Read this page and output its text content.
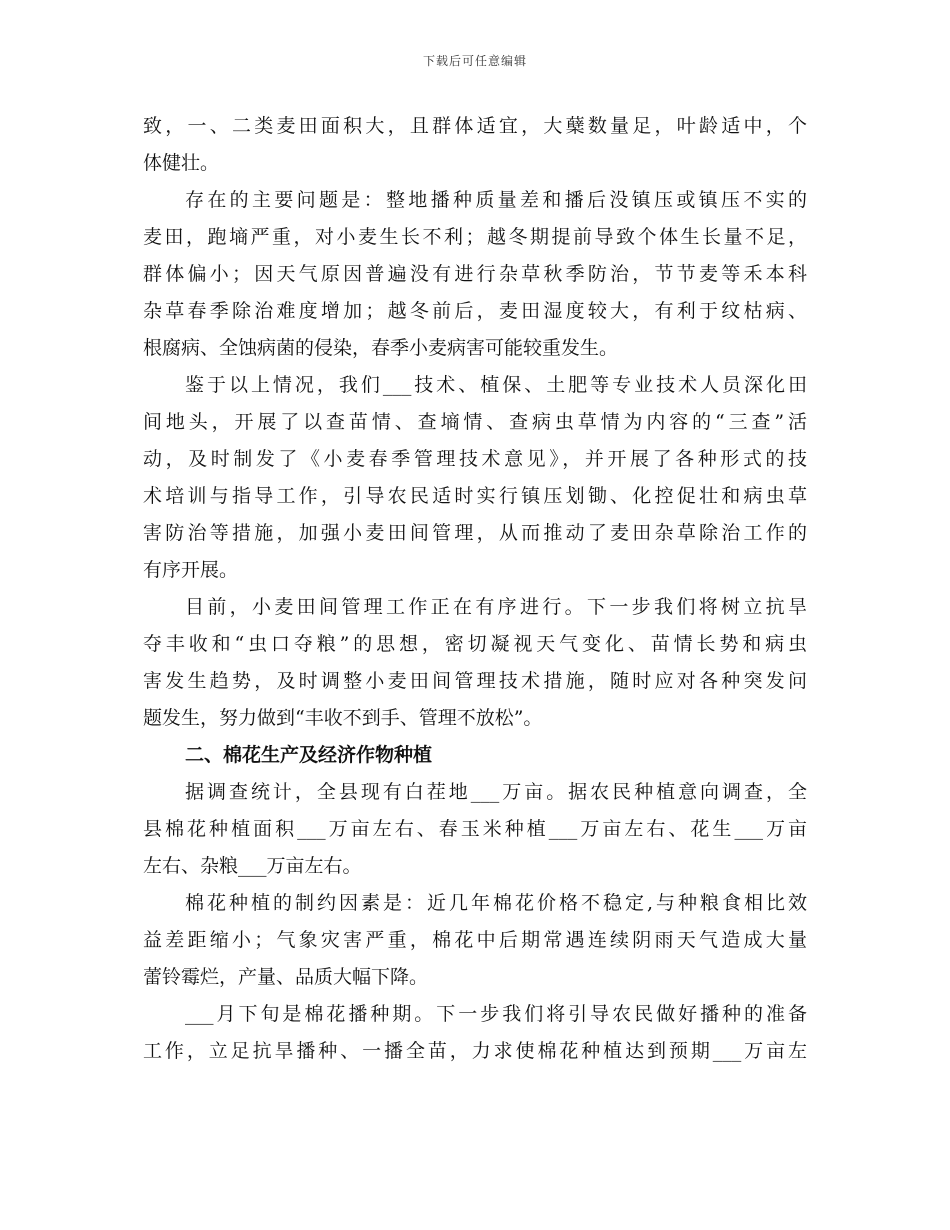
下载后可任意编辑
致，一、二类麦田面积大，且群体适宜，大蘖数量足，叶龄适中，个
体健壮。
存在的主要问题是：整地播种质量差和播后没镇压或镇压不实的
麦田，跑墒严重，对小麦生长不利；越冬期提前导致个体生长量不足，
群体偏小；因天气原因普遍没有进行杂草秋季防治，节节麦等禾本科
杂草春季除治难度增加；越冬前后，麦田湿度较大，有利于纹枯病、
根腐病、全蚀病菌的侵染，春季小麦病害可能较重发生。
鉴于以上情况，我们___技术、植保、土肥等专业技术人员深化田
间地头，开展了以查苗情、查墒情、查病虫草情为内容的“三查”活
动，及时制发了《小麦春季管理技术意见》，并开展了各种形式的技
术培训与指导工作，引导农民适时实行镇压划锄、化控促壮和病虫草
害防治等措施，加强小麦田间管理，从而推动了麦田杂草除治工作的
有序开展。
目前，小麦田间管理工作正在有序进行。下一步我们将树立抗旱
夺丰收和“虫口夺粮”的思想，密切凝视天气变化、苗情长势和病虫
害发生趋势，及时调整小麦田间管理技术措施，随时应对各种突发问
题发生，努力做到“丰收不到手、管理不放松”。
二、棉花生产及经济作物种植
据调查统计，全县现有白茬地___万亩。据农民种植意向调查，全
县棉花种植面积___万亩左右、春玉米种植___万亩左右、花生___万亩
左右、杂粮___万亩左右。
棉花种植的制约因素是：近几年棉花价格不稳定,与种粮食相比效
益差距缩小；气象灾害严重，棉花中后期常遇连续阴雨天气造成大量
蕾铃霉烂，产量、品质大幅下降。
___月下旬是棉花播种期。下一步我们将引导农民做好播种的准备
工作，立足抗旱播种、一播全苗，力求使棉花种植达到预期___万亩左
